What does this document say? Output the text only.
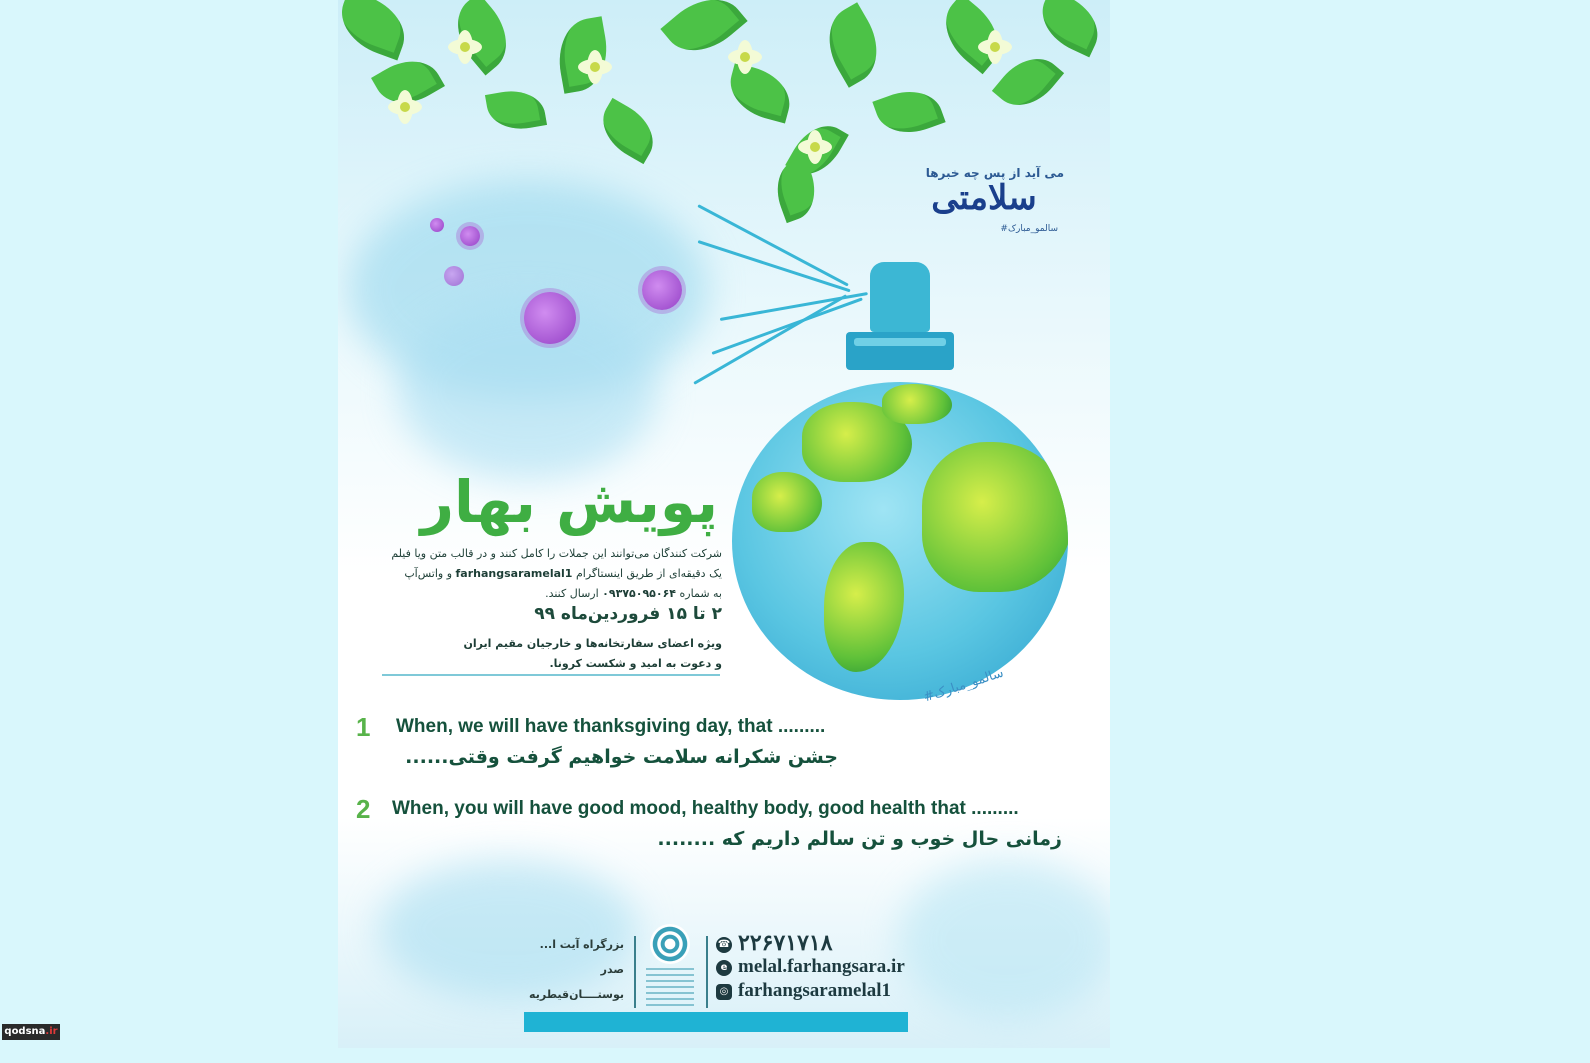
#سالمو_مبارک
سلامتی
می آید از پس چه خبرها
#سالمو_مبارک
پویش بهار
شرکت کنندگان می‌توانند این جملات را کامل کنند و در قالب متن ویا فیلم
یک دقیقه‌ای از طریق اینستاگرام farhangsaramelal1 و واتس‌آپ
به شماره ۰۹۳۷۵۰۹۵۰۶۴ ارسال کنند.
۲ تا ۱۵ فروردین‌ماه ۹۹
ویژه اعضای سفارتخانه‌ها و خارجیان مقیم ایران
و دعوت به امید و شکست کرونا.
1 When, we will have thanksgiving day, that .........
جشن شکرانه سلامت خواهیم گرفت وقتی......
2 When, you will have good mood, healthy body, good health that .........
زمانی حال خوب و تن سالم داریم که ........
بزرگراه آیت ا... صدر
بوستــــان‌قیطریه
☎ ۲۲۶۷۱۷۱۸
e melal.farhangsara.ir
◎ farhangsaramelal1
qodsna.ir
